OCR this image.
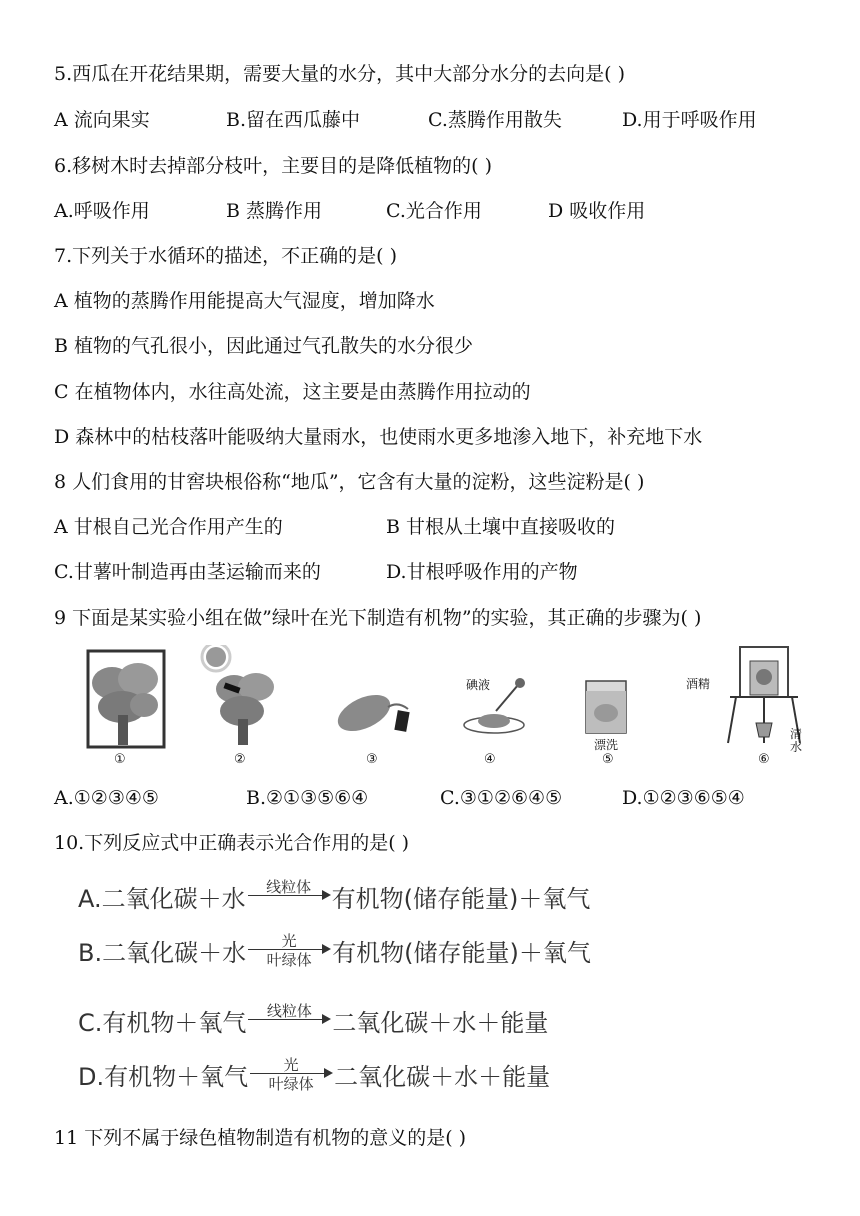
5.西瓜在开花结果期，需要大量的水分，其中大部分水分的去向是( )
A 流向果实	B.留在西瓜藤中	C.蒸腾作用散失	D.用于呼吸作用
6.移树木时去掉部分枝叶，主要目的是降低植物的( )
A.呼吸作用	B 蒸腾作用	C.光合作用	D 吸收作用
7.下列关于水循环的描述，不正确的是( )
A 植物的蒸腾作用能提高大气湿度，增加降水
B 植物的气孔很小，因此通过气孔散失的水分很少
C 在植物体内，水往高处流，这主要是由蒸腾作用拉动的
D 森林中的枯枝落叶能吸纳大量雨水，也使雨水更多地渗入地下，补充地下水
8 人们食用的甘窖块根俗称“地瓜”，它含有大量的淀粉，这些淀粉是( )
A 甘根自己光合作用产生的	B 甘根从土壤中直接吸收的
C.甘薯叶制造再由茎运输而来的	D.甘根呼吸作用的产物
9 下面是某实验小组在做”绿叶在光下制造有机物”的实验，其正确的步骤为( )
碘液
漂洗
酒精
清水
①	②	③	④	⑤	⑥
A.①②③④⑤	B.②①③⑤⑥④	C.③①②⑥④⑤	D.①②③⑥⑤④
10.下列反应式中正确表示光合作用的是( )
A.二氧化碳＋水	线粒体 有机物(储存能量)＋氧气
B.二氧化碳＋水	光
叶绿体 有机物(储存能量)＋氧气
C.有机物＋氧气	线粒体 二氧化碳＋水＋能量
D.有机物＋氧气	光
叶绿体 二氧化碳＋水＋能量
11 下列不属于绿色植物制造有机物的意义的是( )
